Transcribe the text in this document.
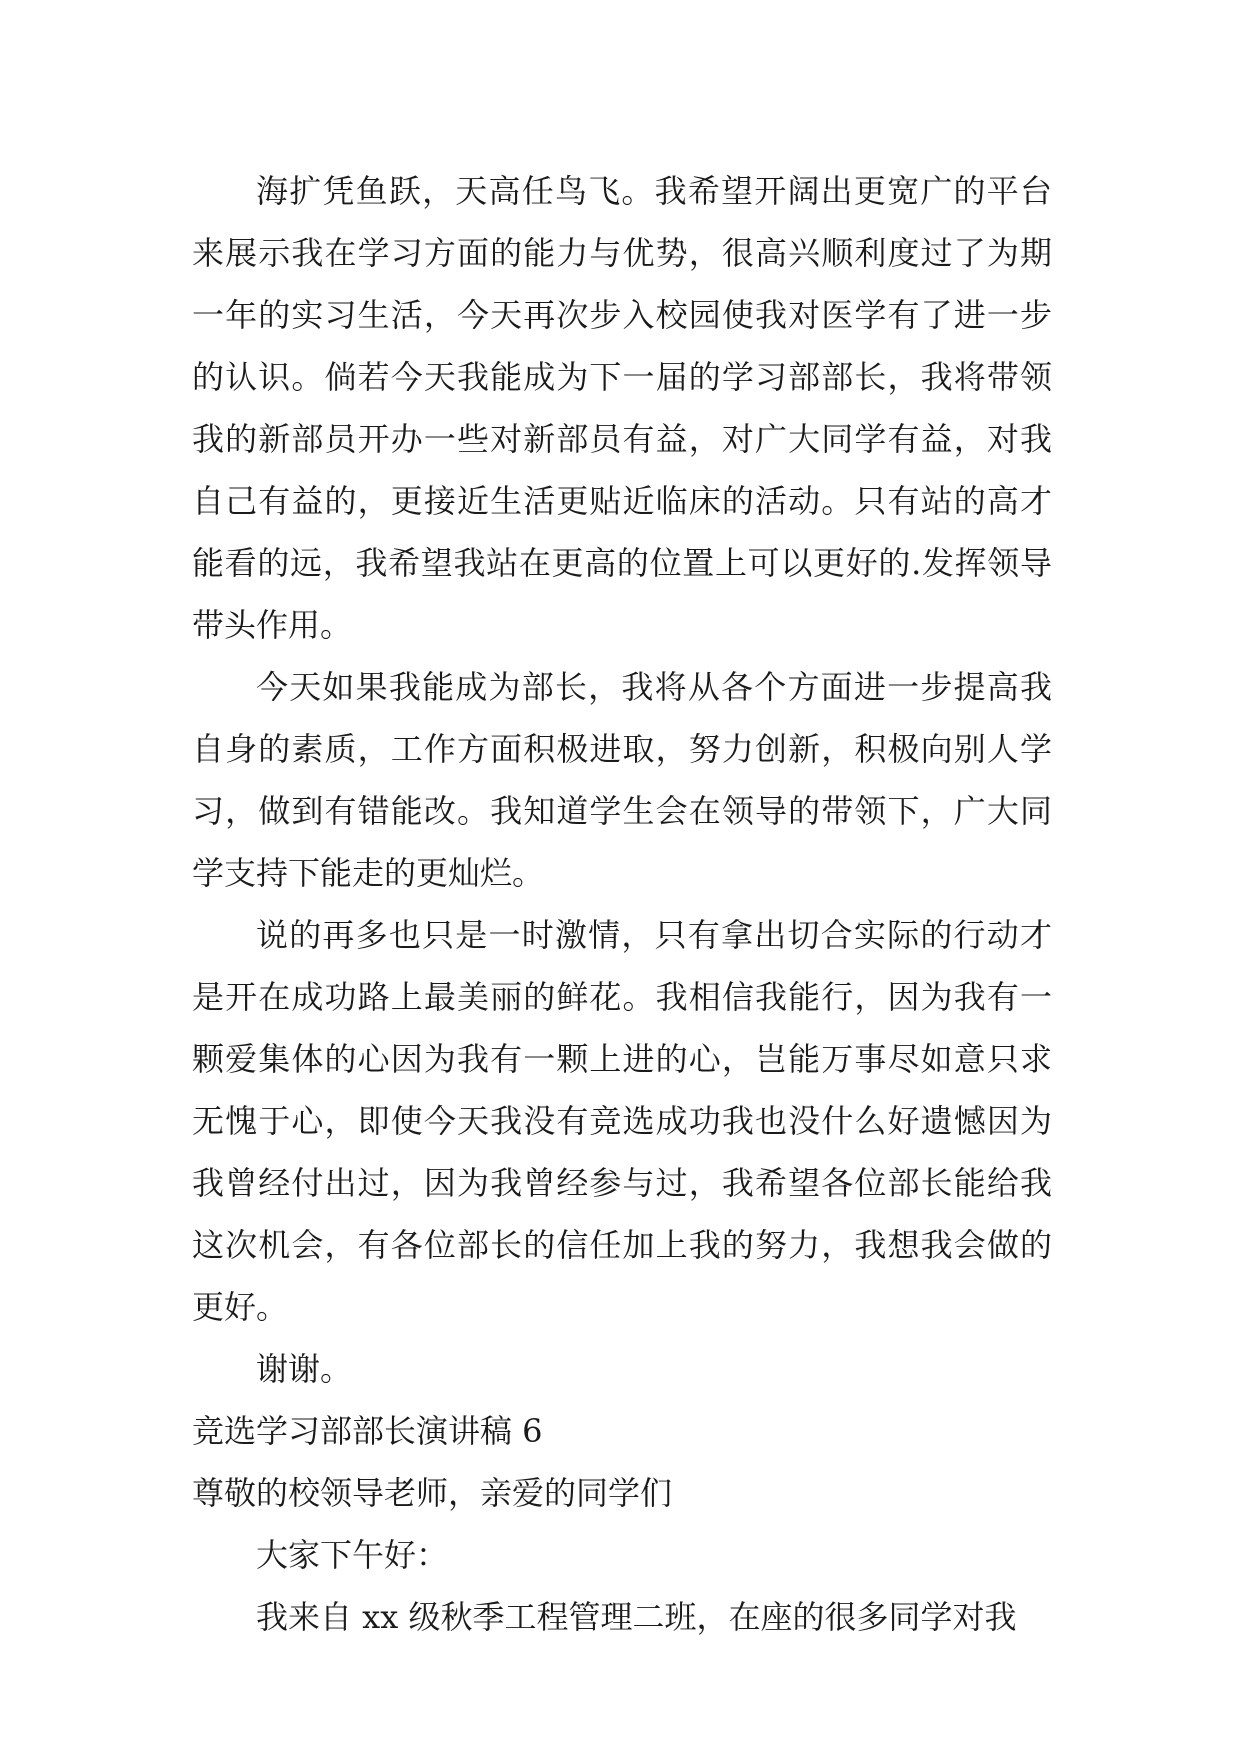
海扩凭鱼跃，天高任鸟飞。我希望开阔出更宽广的平台来展示我在学习方面的能力与优势，很高兴顺利度过了为期一年的实习生活，今天再次步入校园使我对医学有了进一步的认识。倘若今天我能成为下一届的学习部部长，我将带领我的新部员开办一些对新部员有益，对广大同学有益，对我自己有益的，更接近生活更贴近临床的活动。只有站的高才能看的远，我希望我站在更高的位置上可以更好的.发挥领导带头作用。

今天如果我能成为部长，我将从各个方面进一步提高我自身的素质，工作方面积极进取，努力创新，积极向别人学习，做到有错能改。我知道学生会在领导的带领下，广大同学支持下能走的更灿烂。

说的再多也只是一时激情，只有拿出切合实际的行动才是开在成功路上最美丽的鲜花。我相信我能行，因为我有一颗爱集体的心因为我有一颗上进的心，岂能万事尽如意只求无愧于心，即使今天我没有竞选成功我也没什么好遗憾因为我曾经付出过，因为我曾经参与过，我希望各位部长能给我这次机会，有各位部长的信任加上我的努力，我想我会做的更好。

谢谢。

竞选学习部部长演讲稿 6

尊敬的校领导老师，亲爱的同学们

大家下午好：

我来自 xx 级秋季工程管理二班，在座的很多同学对我
